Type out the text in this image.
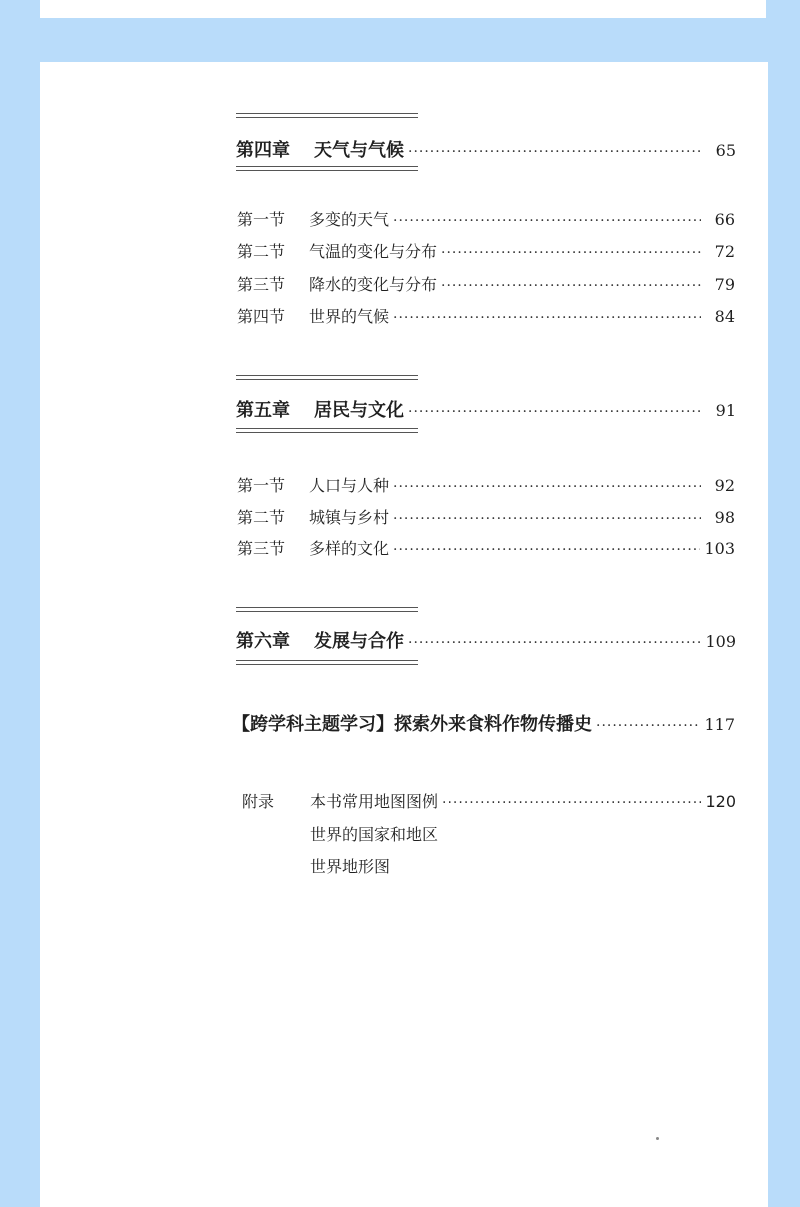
第四章	天气与气候 ·····	65
第一节	多变的天气 ·····	66
第二节	气温的变化与分布 ·····	72
第三节	降水的变化与分布 ·····	79
第四节	世界的气候 ·····	84
第五章	居民与文化 ·····	91
第一节	人口与人种 ·····	92
第二节	城镇与乡村 ·····	98
第三节	多样的文化 ·····	103
第六章	发展与合作 ·····	109
【跨学科主题学习】探索外来食料作物传播史 ·····	117
附录	本书常用地图图例 ·····	120
世界的国家和地区
世界地形图
